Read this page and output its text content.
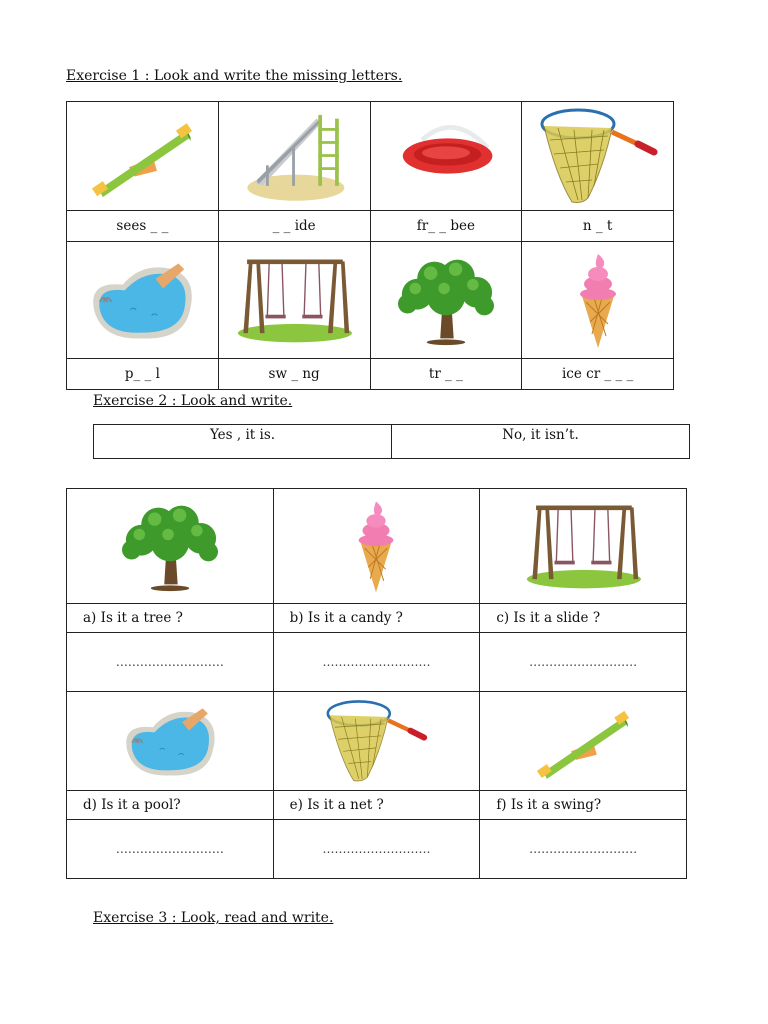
Exercise 1 : Look and write the missing letters.

sees _ _	_ _ ide	fr_ _ bee	n _ t

p_ _ l	sw _ ng	tr _ _	ice cr _ _ _
Exercise 2 : Look and write.
Yes , it is.	No, it isn’t.

a) Is it a tree ?	b) Is it a candy ?	c) Is it a slide ?
………………………	………………………	………………………

d) Is it a pool?	e) Is it a net ?	f) Is it a swing?
………………………	………………………	………………………
Exercise 3 : Look, read and write.
